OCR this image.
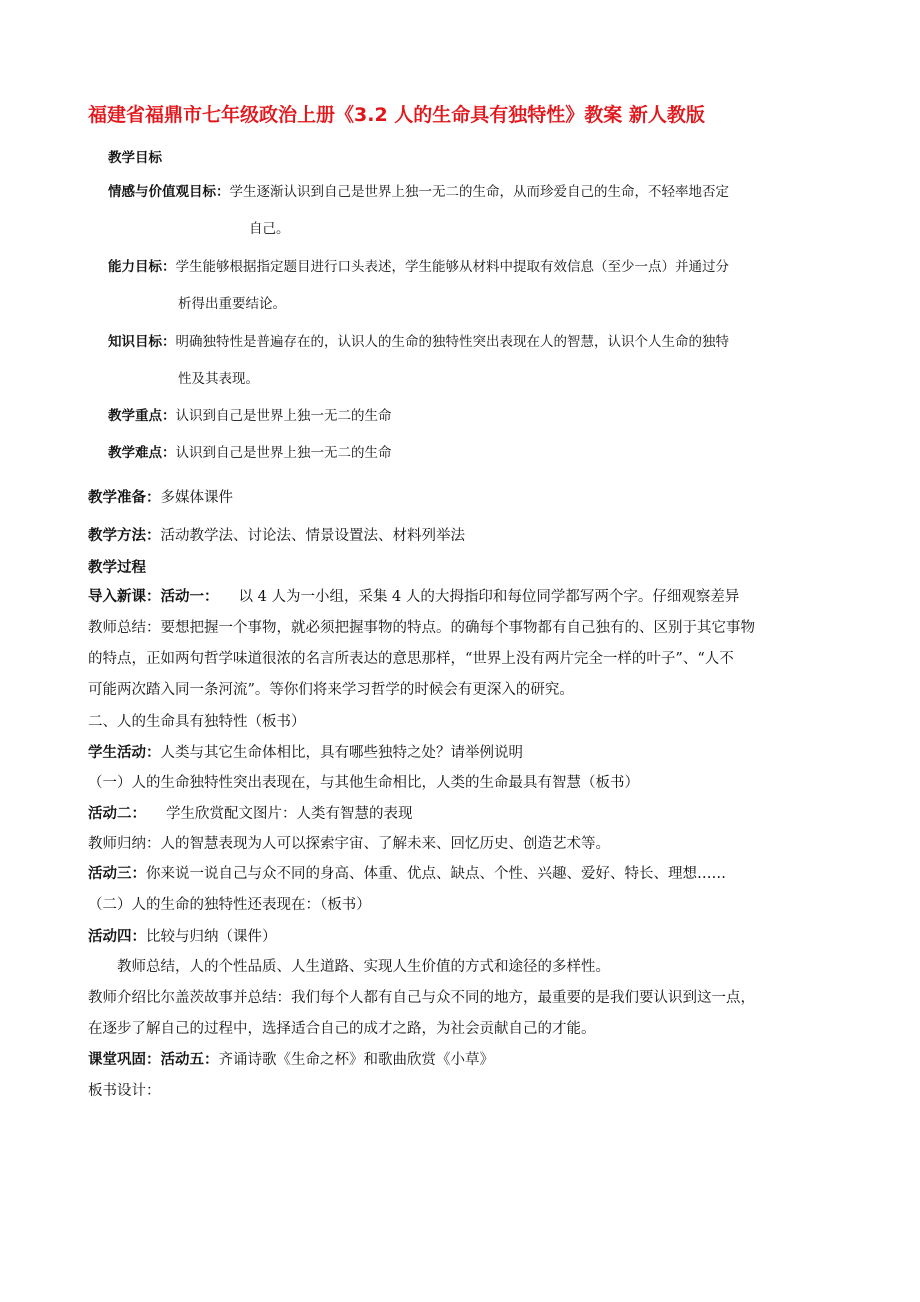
福建省福鼎市七年级政治上册《3.2 人的生命具有独特性》教案 新人教版
教学目标
情感与价值观目标：学生逐渐认识到自己是世界上独一无二的生命，从而珍爱自己的生命，不轻率地否定
自己。
能力目标：学生能够根据指定题目进行口头表述，学生能够从材料中提取有效信息（至少一点）并通过分
析得出重要结论。
知识目标：明确独特性是普遍存在的，认识人的生命的独特性突出表现在人的智慧，认识个人生命的独特
性及其表现。
教学重点：认识到自己是世界上独一无二的生命
教学难点：认识到自己是世界上独一无二的生命
教学准备：多媒体课件
教学方法：活动教学法、讨论法、情景设置法、材料列举法
教学过程
导入新课：活动一： 以 4 人为一小组，采集 4 人的大拇指印和每位同学都写两个字。仔细观察差异
教师总结：要想把握一个事物，就必须把握事物的特点。的确每个事物都有自己独有的、区别于其它事物
的特点，正如两句哲学味道很浓的名言所表达的意思那样，“世界上没有两片完全一样的叶子”、“人不
可能两次踏入同一条河流”。等你们将来学习哲学的时候会有更深入的研究。
二、人的生命具有独特性（板书）
学生活动：人类与其它生命体相比，具有哪些独特之处？请举例说明
（一）人的生命独特性突出表现在，与其他生命相比，人类的生命最具有智慧（板书）
活动二： 学生欣赏配文图片：人类有智慧的表现
教师归纳：人的智慧表现为人可以探索宇宙、了解未来、回忆历史、创造艺术等。
活动三：你来说一说自己与众不同的身高、体重、优点、缺点、个性、兴趣、爱好、特长、理想……
（二）人的生命的独特性还表现在：（板书）
活动四：比较与归纳（课件）
教师总结，人的个性品质、人生道路、实现人生价值的方式和途径的多样性。
教师介绍比尔盖茨故事并总结：我们每个人都有自己与众不同的地方，最重要的是我们要认识到这一点，
在逐步了解自己的过程中，选择适合自己的成才之路，为社会贡献自己的才能。
课堂巩固：活动五：齐诵诗歌《生命之杯》和歌曲欣赏《小草》
板书设计：
